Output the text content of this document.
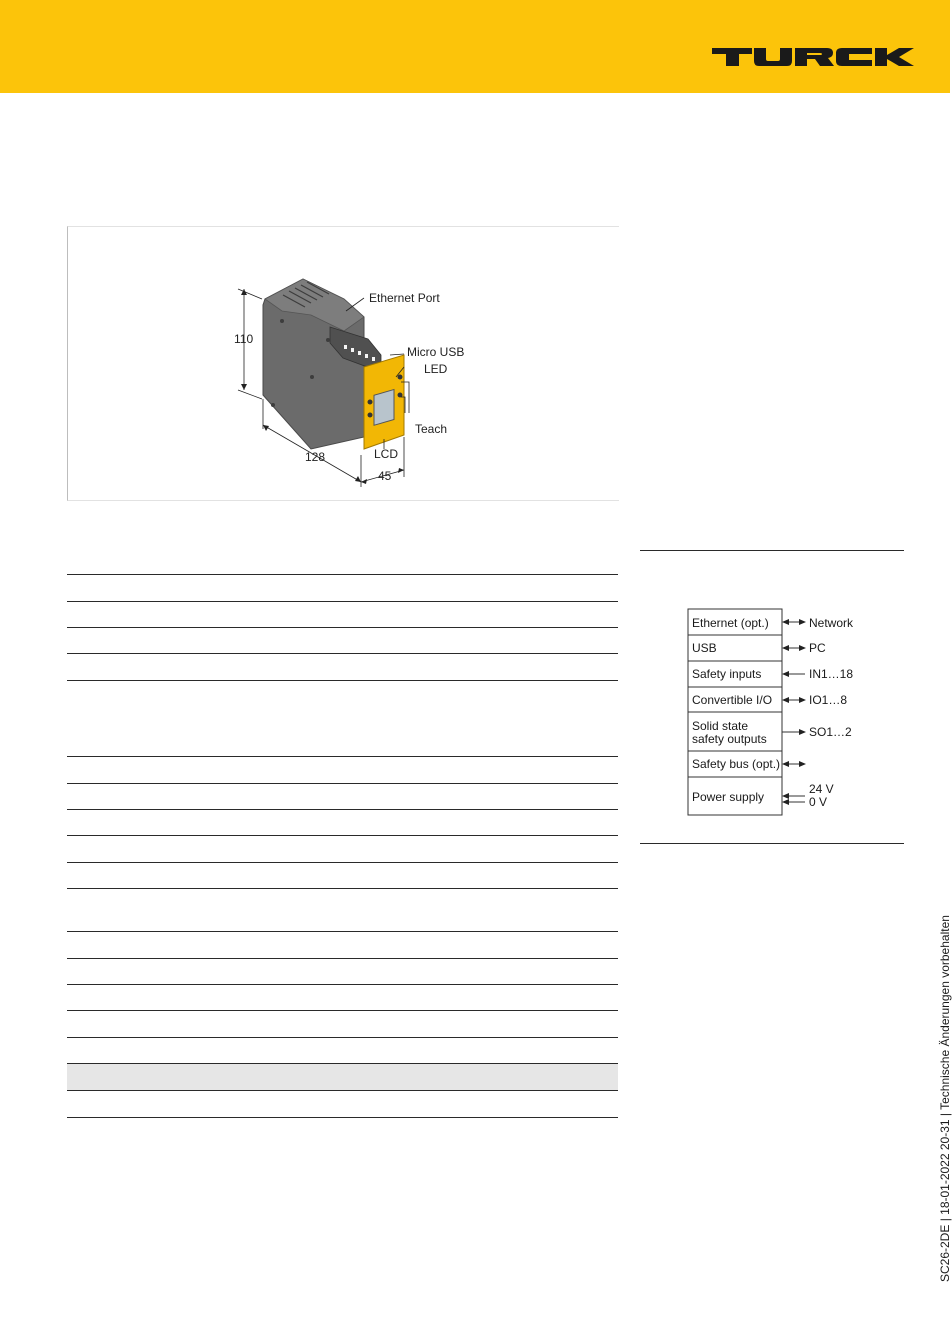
Ethernet Port
Micro USB
LED
Teach
LCD
110
128
45
Ethernet (opt.)
USB
Safety inputs
Convertible I/O
Solid state
safety outputs
Safety bus (opt.)
Power supply
Network
PC
IN1…18
IO1…8
SO1…2
24 V
0 V
SC26-2DE | 18-01-2022 20-31 | Technische Änderungen vorbehalten
